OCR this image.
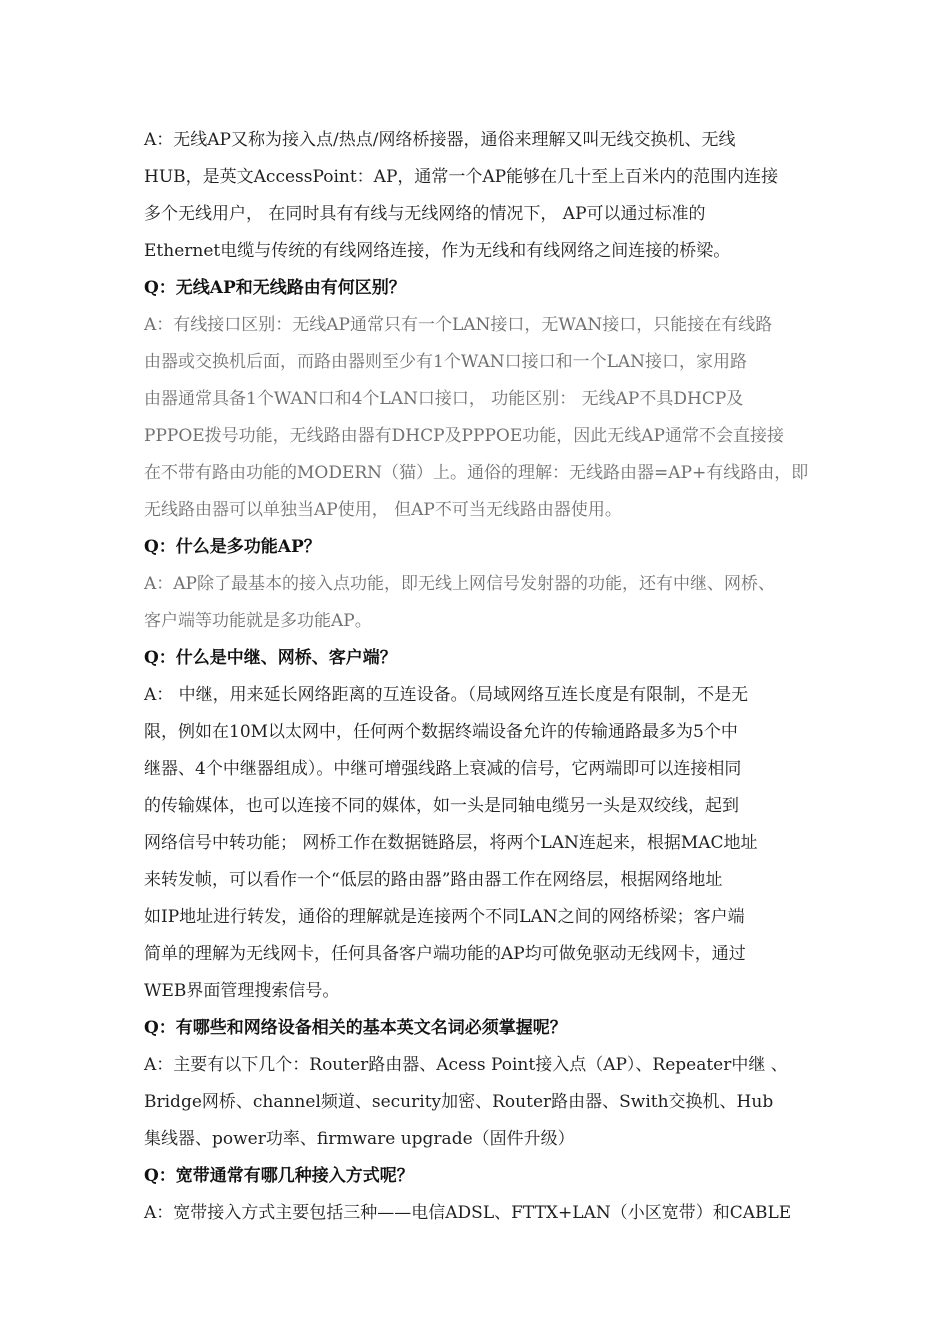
A：无线AP又称为接入点/热点/网络桥接器，通俗来理解又叫无线交换机、无线
HUB，是英文AccessPoint：AP，通常一个AP能够在几十至上百米内的范围内连接
多个无线用户， 在同时具有有线与无线网络的情况下， AP可以通过标准的
Ethernet电缆与传统的有线网络连接，作为无线和有线网络之间连接的桥梁。
Q：无线AP和无线路由有何区别？
A：有线接口区别：无线AP通常只有一个LAN接口，无WAN接口，只能接在有线路
由器或交换机后面，而路由器则至少有1个WAN口接口和一个LAN接口，家用路
由器通常具备1个WAN口和4个LAN口接口， 功能区别： 无线AP不具DHCP及
PPPOE拨号功能，无线路由器有DHCP及PPPOE功能，因此无线AP通常不会直接接
在不带有路由功能的MODERN（猫）上。通俗的理解：无线路由器=AP+有线路由，即
无线路由器可以单独当AP使用， 但AP不可当无线路由器使用。
Q：什么是多功能AP？
A：AP除了最基本的接入点功能，即无线上网信号发射器的功能，还有中继、网桥、
客户端等功能就是多功能AP。
Q：什么是中继、网桥、客户端？
A： 中继，用来延长网络距离的互连设备。（局域网络互连长度是有限制，不是无
限，例如在10M以太网中，任何两个数据终端设备允许的传输通路最多为5个中
继器、4个中继器组成）。中继可增强线路上衰减的信号，它两端即可以连接相同
的传输媒体，也可以连接不同的媒体，如一头是同轴电缆另一头是双绞线，起到
网络信号中转功能； 网桥工作在数据链路层，将两个LAN连起来，根据MAC地址
来转发帧，可以看作一个“低层的路由器”路由器工作在网络层，根据网络地址
如IP地址进行转发，通俗的理解就是连接两个不同LAN之间的网络桥梁；客户端
简单的理解为无线网卡，任何具备客户端功能的AP均可做免驱动无线网卡，通过
WEB界面管理搜索信号。
Q：有哪些和网络设备相关的基本英文名词必须掌握呢？
A：主要有以下几个：Router路由器、Acess Point接入点（AP）、Repeater中继 、
Bridge网桥、channel频道、security加密、Router路由器、Swith交换机、Hub
集线器、power功率、firmware upgrade（固件升级）
Q：宽带通常有哪几种接入方式呢？
A：宽带接入方式主要包括三种——电信ADSL、FTTX+LAN（小区宽带）和CABLE
